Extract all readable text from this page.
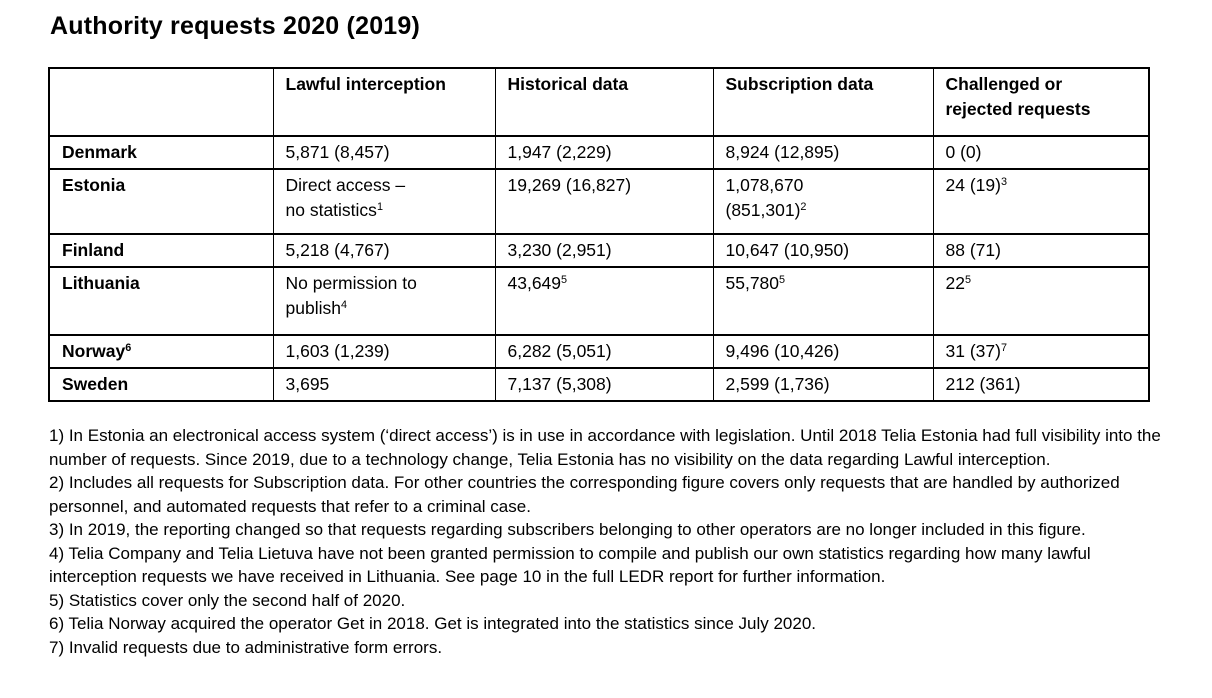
Authority requests 2020 (2019)
	Lawful interception	Historical data	Subscription data	Challenged or
rejected requests
Denmark	5,871 (8,457)	1,947 (2,229)	8,924 (12,895)	0 (0)
Estonia	Direct access –
no statistics$^1$	19,269 (16,827)	1,078,670
$(851,301)^2$	24 $(19)^3$
Finland	5,218 (4,767)	3,230 (2,951)	10,647 (10,950)	88 (71)
Lithuania	No permission to
publish$^4$	43,649$^5$	55,780$^5$	$22^5$
Norway$^6$	1,603 (1,239)	6,282 (5,051)	9,496 (10,426)	31 $(37)^7$
Sweden	3,695	7,137 (5,308)	2,599 (1,736)	212 (361)
1) In Estonia an electronical access system (‘direct access’) is in use in accordance with legislation. Until 2018 Telia Estonia had full visibility into the number of requests. Since 2019, due to a technology change, Telia Estonia has no visibility on the data regarding Lawful interception.
2) Includes all requests for Subscription data. For other countries the corresponding figure covers only requests that are handled by authorized personnel, and automated requests that refer to a criminal case.
3) In 2019, the reporting changed so that requests regarding subscribers belonging to other operators are no longer included in this figure.
4) Telia Company and Telia Lietuva have not been granted permission to compile and publish our own statistics regarding how many lawful interception requests we have received in Lithuania. See page 10 in the full LEDR report for further information.
5) Statistics cover only the second half of 2020.
6) Telia Norway acquired the operator Get in 2018. Get is integrated into the statistics since July 2020.
7) Invalid requests due to administrative form errors.
